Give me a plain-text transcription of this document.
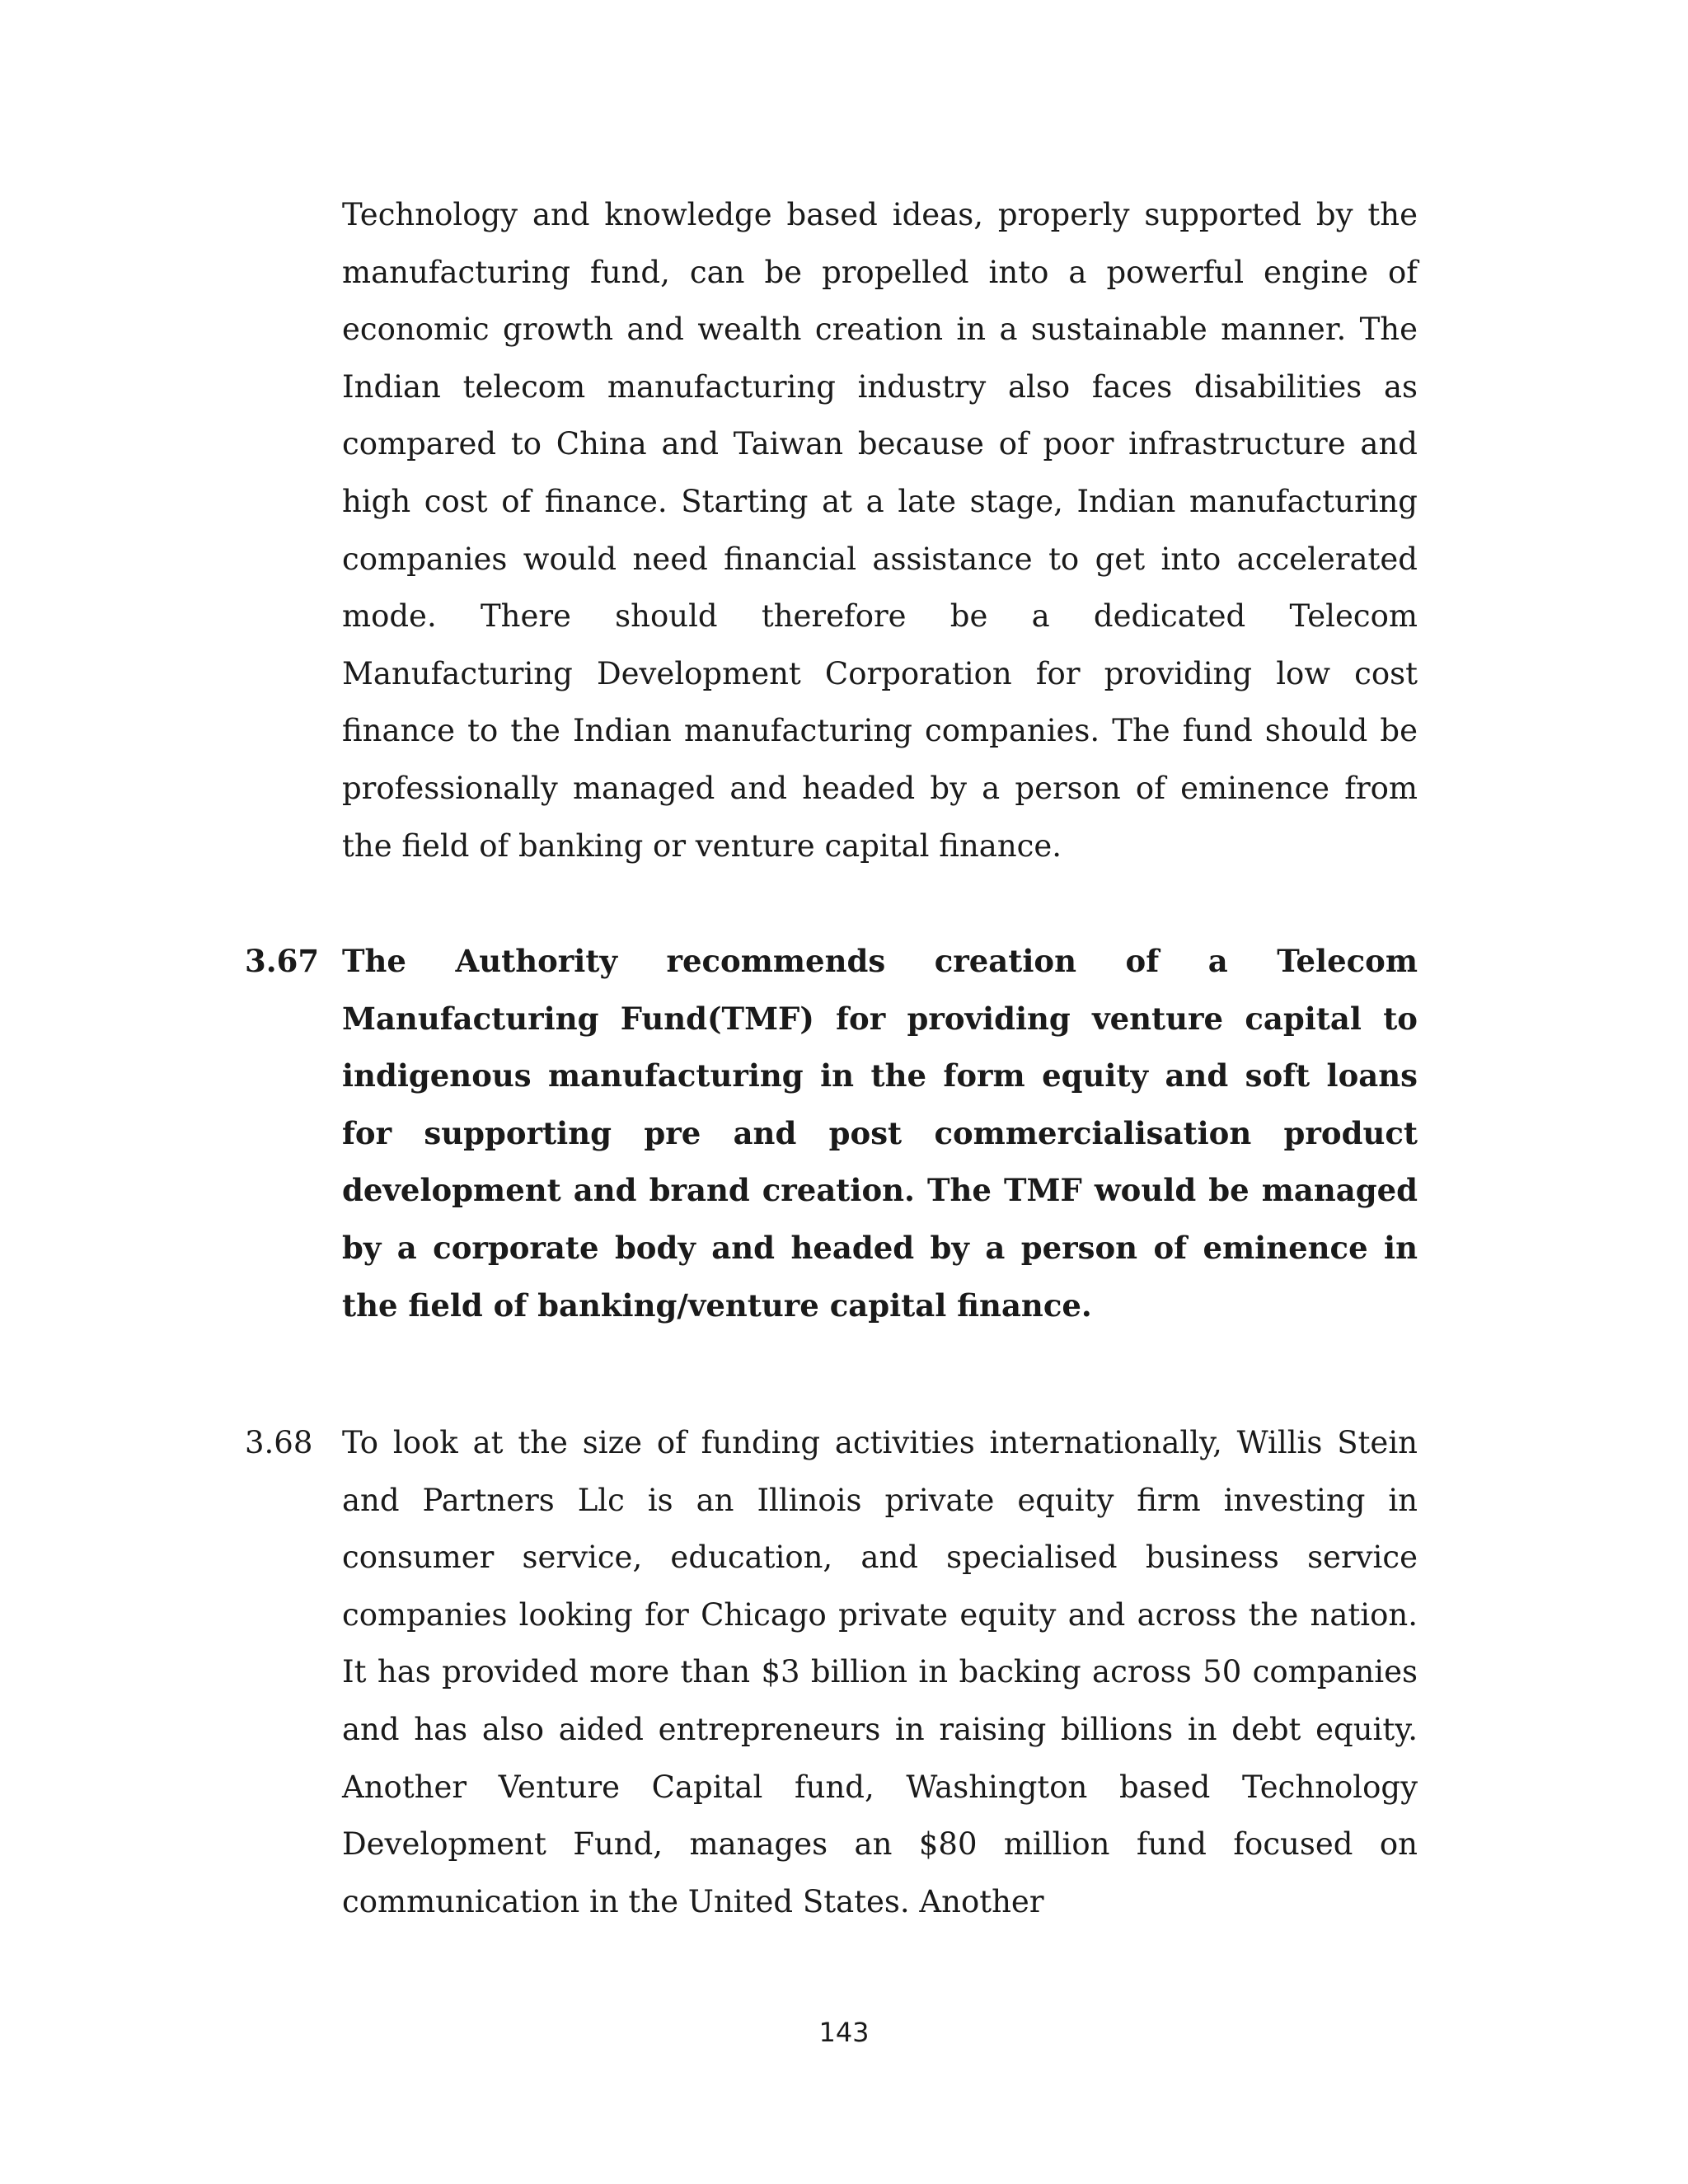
Technology and knowledge based ideas, properly supported by the manufacturing fund, can be propelled into a powerful engine of economic growth and wealth creation in a sustainable manner. The Indian telecom manufacturing industry also faces disabilities as compared to China and Taiwan because of poor infrastructure and high cost of finance. Starting at a late stage, Indian manufacturing companies would need financial assistance to get into accelerated mode. There should therefore be a dedicated Telecom Manufacturing Development Corporation for providing low cost finance to the Indian manufacturing companies. The fund should be professionally managed and headed by a person of eminence from the field of banking or venture capital finance.

3.67 The Authority recommends creation of a Telecom Manufacturing Fund(TMF) for providing venture capital to indigenous manufacturing in the form equity and soft loans for supporting pre and post commercialisation product development and brand creation. The TMF would be managed by a corporate body and headed by a person of eminence in the field of banking/venture capital finance.

3.68 To look at the size of funding activities internationally, Willis Stein and Partners Llc is an Illinois private equity firm investing in consumer service, education, and specialised business service companies looking for Chicago private equity and across the nation. It has provided more than $3 billion in backing across 50 companies and has also aided entrepreneurs in raising billions in debt equity. Another Venture Capital fund, Washington based Technology Development Fund, manages an $80 million fund focused on communication in the United States. Another

143
